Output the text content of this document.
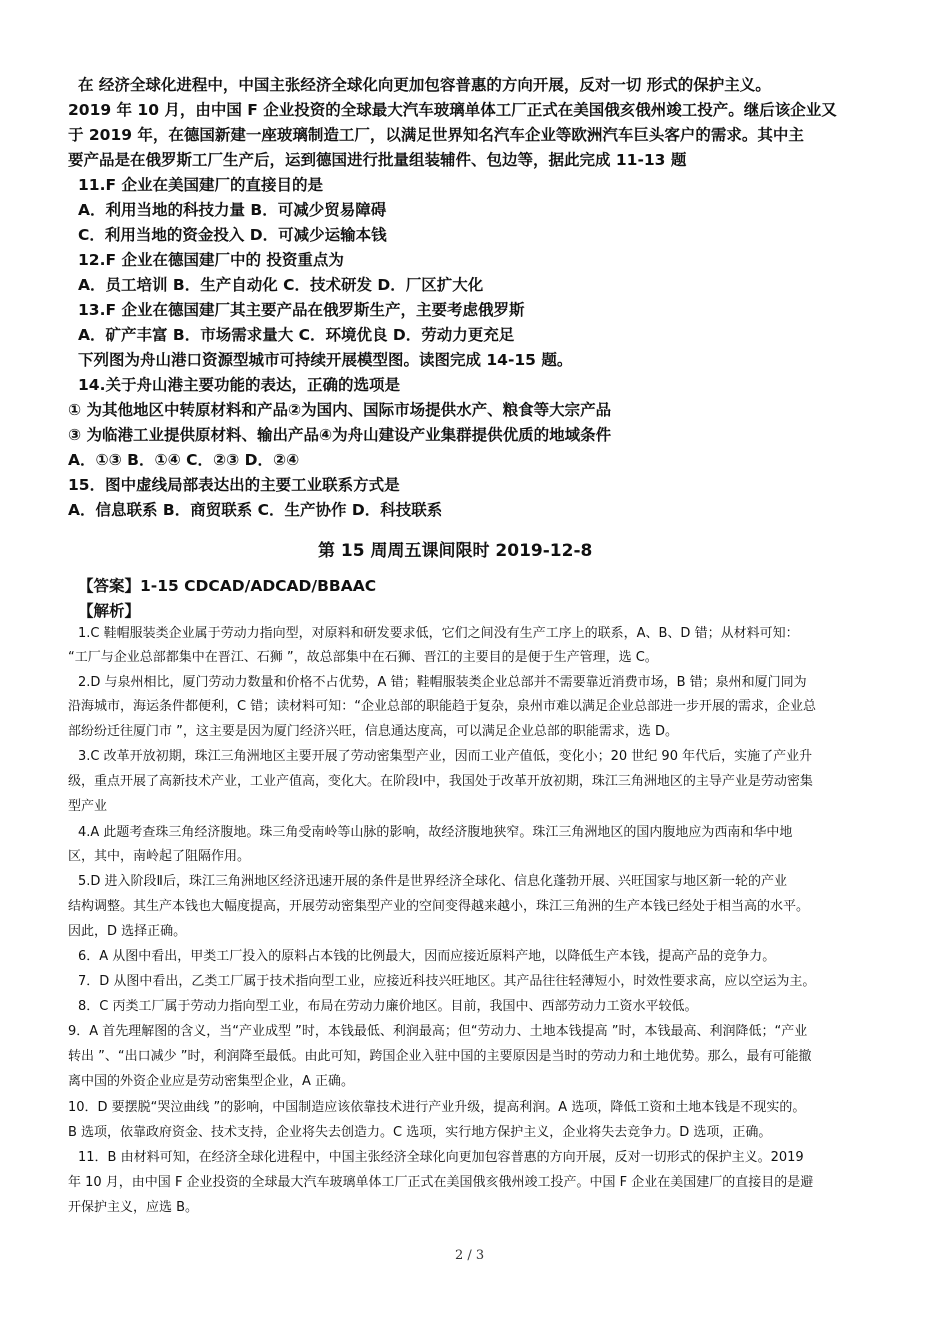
在 经济全球化进程中，中国主张经济全球化向更加包容普惠的方向开展，反对一切 形式的保护主义。
2019 年 10 月，由中国 F 企业投资的全球最大汽车玻璃单体工厂正式在美国俄亥俄州竣工投产。继后该企业又
于 2019 年，在德国新建一座玻璃制造工厂，以满足世界知名汽车企业等欧洲汽车巨头客户的需求。其中主
要产品是在俄罗斯工厂生产后，运到德国进行批量组装辅件、包边等，据此完成 11-13 题
11.F 企业在美国建厂的直接目的是
A．利用当地的科技力量 B．可减少贸易障碍
C．利用当地的资金投入 D．可减少运输本钱
12.F 企业在德国建厂中的 投资重点为
A．员工培训 B．生产自动化 C．技术研发 D．厂区扩大化
13.F 企业在德国建厂其主要产品在俄罗斯生产，主要考虑俄罗斯
A．矿产丰富 B．市场需求量大 C．环境优良 D．劳动力更充足
下列图为舟山港口资源型城市可持续开展模型图。读图完成 14-15 题。
14.关于舟山港主要功能的表达，正确的选项是
① 为其他地区中转原材料和产品②为国内、国际市场提供水产、粮食等大宗产品
③ 为临港工业提供原材料、输出产品④为舟山建设产业集群提供优质的地域条件
A．①③ B．①④ C．②③ D．②④
15．图中虚线局部表达出的主要工业联系方式是
A．信息联系 B．商贸联系 C．生产协作 D．科技联系
第 15 周周五课间限时 2019-12-8
【答案】1-15 CDCAD/ADCAD/BBAAC
【解析】
1.C 鞋帽服装类企业属于劳动力指向型，对原料和研发要求低，它们之间没有生产工序上的联系，A、B、D 错；从材料可知：
“工厂与企业总部都集中在晋江、石狮 ”，故总部集中在石狮、晋江的主要目的是便于生产管理，选 C。
2.D 与泉州相比，厦门劳动力数量和价格不占优势，A 错；鞋帽服装类企业总部并不需要靠近消费市场，B 错；泉州和厦门同为
沿海城市，海运条件都便利，C 错；读材料可知：“企业总部的职能趋于复杂，泉州市难以满足企业总部进一步开展的需求，企业总
部纷纷迁往厦门市 ”，这主要是因为厦门经济兴旺，信息通达度高，可以满足企业总部的职能需求，选 D。
3.C 改革开放初期，珠江三角洲地区主要开展了劳动密集型产业，因而工业产值低，变化小；20 世纪 90 年代后，实施了产业升
级，重点开展了高新技术产业，工业产值高，变化大。在阶段Ⅰ中，我国处于改革开放初期，珠江三角洲地区的主导产业是劳动密集
型产业
4.A 此题考查珠三角经济腹地。珠三角受南岭等山脉的影响，故经济腹地狭窄。珠江三角洲地区的国内腹地应为西南和华中地
区，其中，南岭起了阻隔作用。
5.D 进入阶段Ⅱ后，珠江三角洲地区经济迅速开展的条件是世界经济全球化、信息化蓬勃开展、兴旺国家与地区新一轮的产业
结构调整。其生产本钱也大幅度提高，开展劳动密集型产业的空间变得越来越小，珠江三角洲的生产本钱已经处于相当高的水平。
因此，D 选择正确。
6．A 从图中看出，甲类工厂投入的原料占本钱的比例最大，因而应接近原料产地，以降低生产本钱，提高产品的竞争力。
7．D 从图中看出，乙类工厂属于技术指向型工业，应接近科技兴旺地区。其产品往往轻薄短小，时效性要求高，应以空运为主。
8．C 丙类工厂属于劳动力指向型工业，布局在劳动力廉价地区。目前，我国中、西部劳动力工资水平较低。
9．A 首先理解图的含义，当“产业成型 ”时，本钱最低、利润最高；但“劳动力、土地本钱提高 ”时，本钱最高、利润降低；“产业
转出 ”、“出口减少 ”时，利润降至最低。由此可知，跨国企业入驻中国的主要原因是当时的劳动力和土地优势。那么，最有可能撤
离中国的外资企业应是劳动密集型企业，A 正确。
10．D 要摆脱“哭泣曲线 ”的影响，中国制造应该依靠技术进行产业升级，提高利润。A 选项，降低工资和土地本钱是不现实的。
B 选项，依靠政府资金、技术支持，企业将失去创造力。C 选项，实行地方保护主义，企业将失去竞争力。D 选项，正确。
11．B 由材料可知，在经济全球化进程中，中国主张经济全球化向更加包容普惠的方向开展，反对一切形式的保护主义。2019
年 10 月，由中国 F 企业投资的全球最大汽车玻璃单体工厂正式在美国俄亥俄州竣工投产。中国 F 企业在美国建厂的直接目的是避
开保护主义，应选 B。
2 / 3
